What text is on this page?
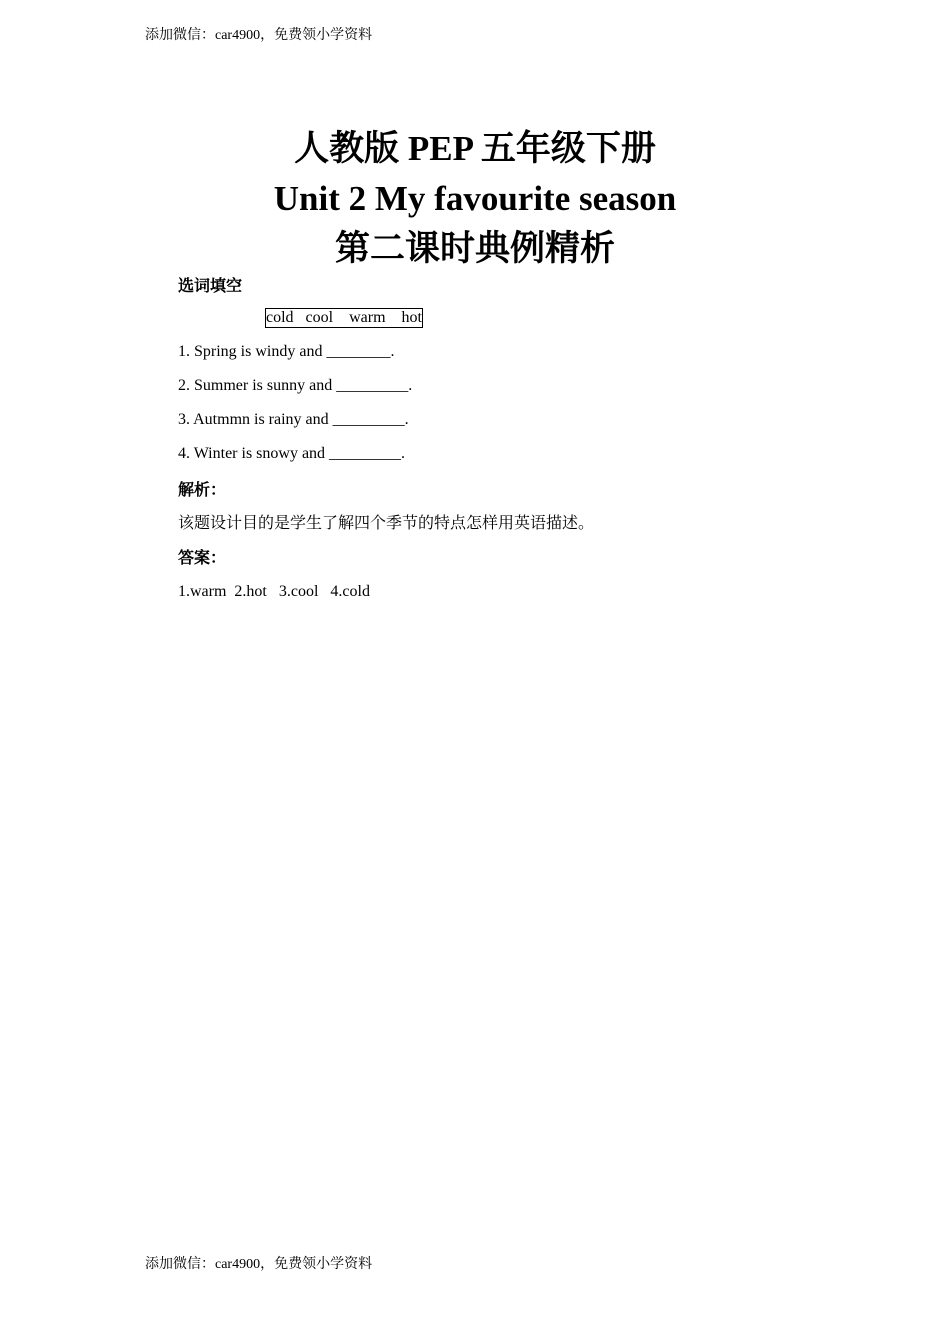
添加微信：car4900，免费领小学资料
人教版 PEP 五年级下册
Unit 2 My favourite season
第二课时典例精析
选词填空
cold   cool    warm    hot
1. Spring is windy and ________.
2. Summer is sunny and _________.
3. Autmmn is rainy and _________.
4. Winter is snowy and _________.
解析：
该题设计目的是学生了解四个季节的特点怎样用英语描述。
答案：
1.warm  2.hot   3.cool   4.cold
添加微信：car4900，免费领小学资料
